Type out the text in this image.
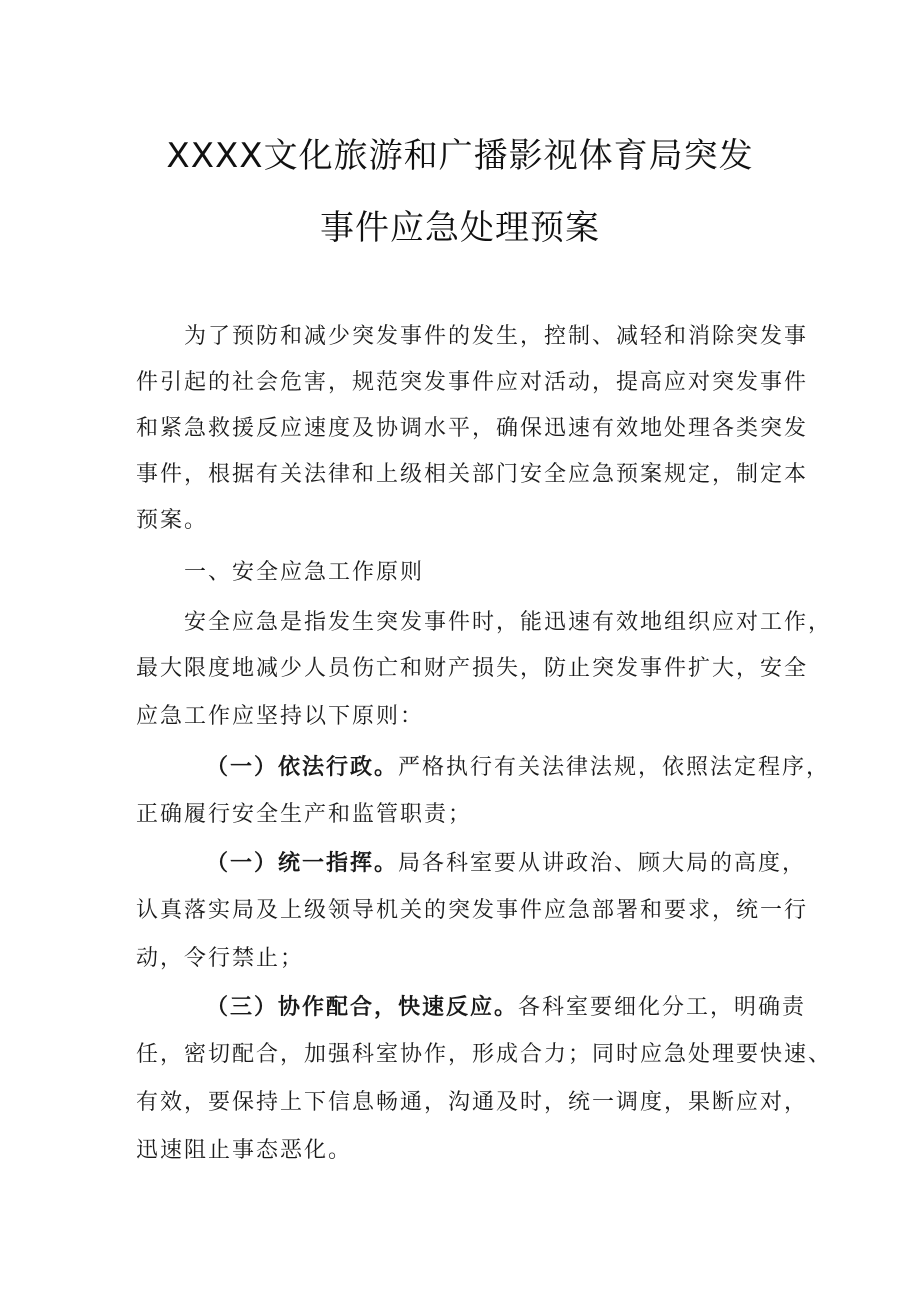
XXXX文化旅游和广播影视体育局突发
事件应急处理预案
为了预防和减少突发事件的发生，控制、减轻和消除突发事
件引起的社会危害，规范突发事件应对活动，提高应对突发事件
和紧急救援反应速度及协调水平，确保迅速有效地处理各类突发
事件，根据有关法律和上级相关部门安全应急预案规定，制定本
预案。
一、安全应急工作原则
安全应急是指发生突发事件时，能迅速有效地组织应对工作，
最大限度地减少人员伤亡和财产损失，防止突发事件扩大，安全
应急工作应坚持以下原则：
（一）依法行政。严格执行有关法律法规，依照法定程序，
正确履行安全生产和监管职责；
（一）统一指挥。局各科室要从讲政治、顾大局的高度，
认真落实局及上级领导机关的突发事件应急部署和要求，统一行
动，令行禁止；
（三）协作配合，快速反应。各科室要细化分工，明确责
任，密切配合，加强科室协作，形成合力；同时应急处理要快速、
有效，要保持上下信息畅通，沟通及时，统一调度，果断应对，
迅速阻止事态恶化。
